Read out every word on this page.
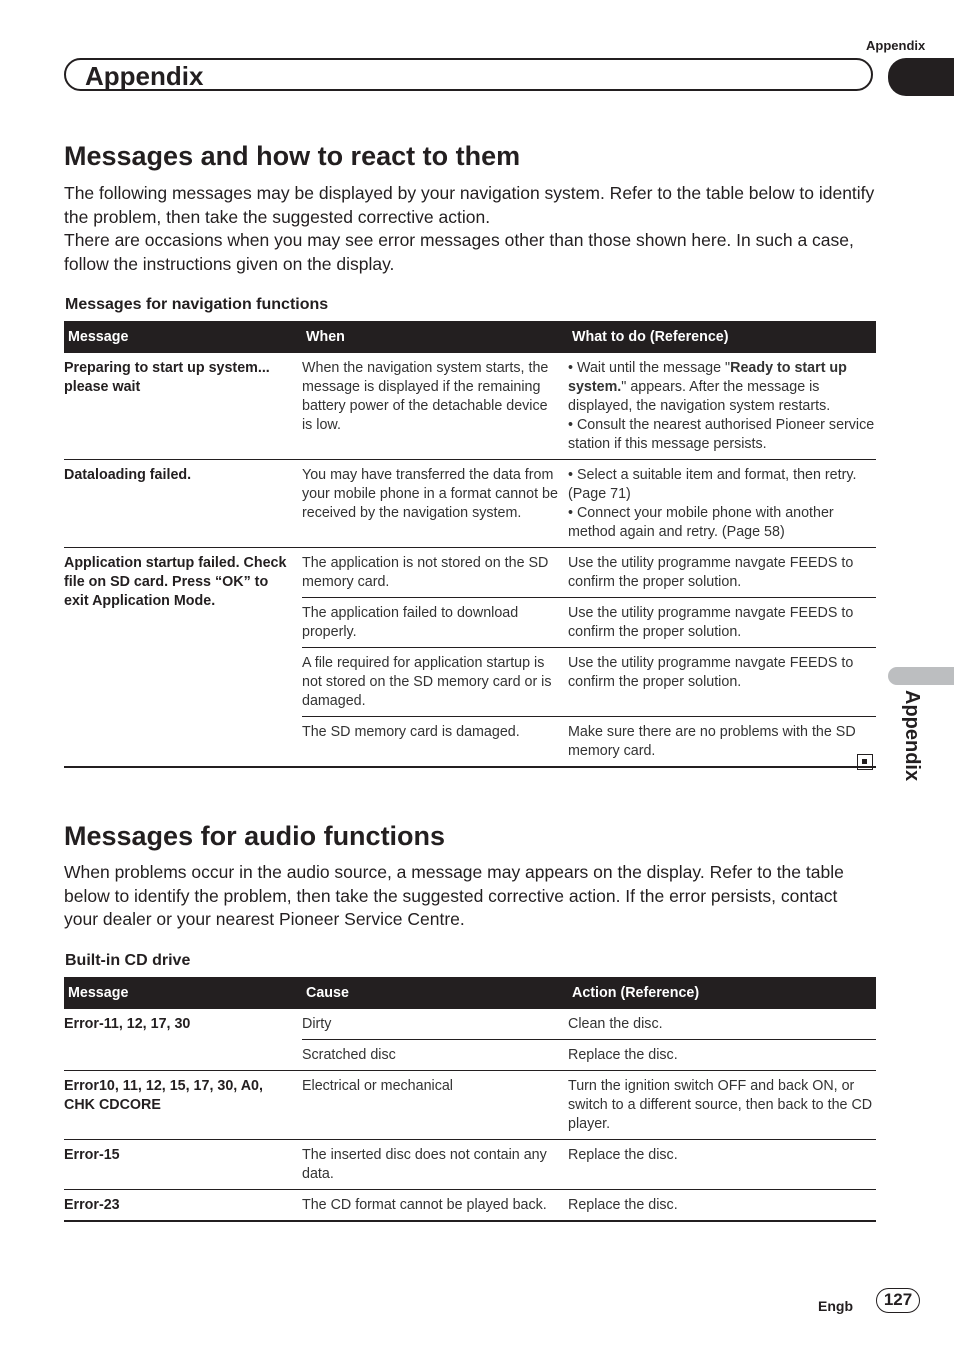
Appendix
Appendix
Appendix
Messages and how to react to them

The following messages may be displayed by your navigation system. Refer to the table below to identify the problem, then take the suggested corrective action.

There are occasions when you may see error messages other than those shown here. In such a case, follow the instructions given on the display.

Messages for navigation functions
Message	When	What to do (Reference)
Preparing to start up system... please wait	When the navigation system starts, the message is displayed if the remaining battery power of the detachable device is low.	• Wait until the message "Ready to start up system." appears. After the message is displayed, the navigation system restarts.
• Consult the nearest authorised Pioneer service station if this message persists.
Dataloading failed.	You may have transferred the data from your mobile phone in a format cannot be received by the navigation system.	• Select a suitable item and format, then retry. (Page 71)
• Connect your mobile phone with another method again and retry. (Page 58)
Application startup failed. Check file on SD card. Press “OK” to exit Application Mode.	The application is not stored on the SD memory card.	Use the utility programme navgate FEEDS to confirm the proper solution.
	The application failed to download properly.	Use the utility programme navgate FEEDS to confirm the proper solution.
	A file required for application startup is not stored on the SD memory card or is damaged.	Use the utility programme navgate FEEDS to confirm the proper solution.
	The SD memory card is damaged.	Make sure there are no problems with the SD memory card.
Messages for audio functions

When problems occur in the audio source, a message may appears on the display. Refer to the table below to identify the problem, then take the suggested corrective action. If the error persists, contact your dealer or your nearest Pioneer Service Centre.

Built-in CD drive
Message	Cause	Action (Reference)
Error-11, 12, 17, 30	Dirty	Clean the disc.
	Scratched disc	Replace the disc.
Error10, 11, 12, 15, 17, 30, A0, CHK CDCORE	Electrical or mechanical	Turn the ignition switch OFF and back ON, or switch to a different source, then back to the CD player.
Error-15	The inserted disc does not contain any data.	Replace the disc.
Error-23	The CD format cannot be played back.	Replace the disc.
Engb	127
